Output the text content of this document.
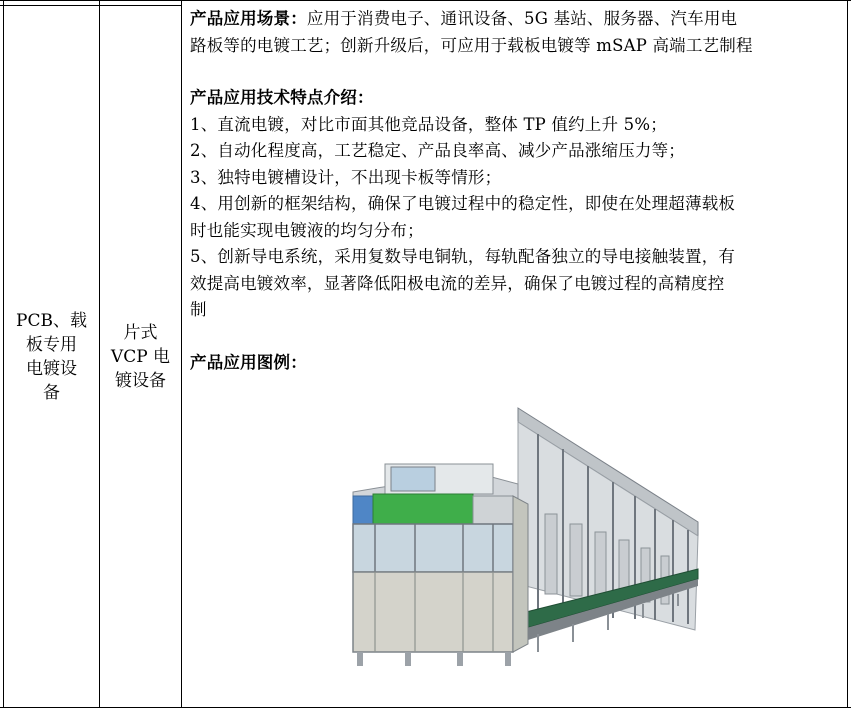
PCB、载
板专用
电镀设
备
片式
VCP 电
镀设备

产品应用场景：应用于消费电子、通讯设备、5G 基站、服务器、汽车用电

路板等的电镀工艺；创新升级后，可应用于载板电镀等 mSAP 高端工艺制程

产品应用技术特点介绍：

1、直流电镀，对比市面其他竞品设备，整体 TP 值约上升 5%；

2、自动化程度高，工艺稳定、产品良率高、减少产品涨缩压力等；

3、独特电镀槽设计，不出现卡板等情形；

4、用创新的框架结构，确保了电镀过程中的稳定性，即使在处理超薄载板

时也能实现电镀液的均匀分布；

5、创新导电系统，采用复数导电铜轨，每轨配备独立的导电接触装置，有

效提高电镀效率，显著降低阳极电流的差异，确保了电镀过程的高精度控

制

产品应用图例：
